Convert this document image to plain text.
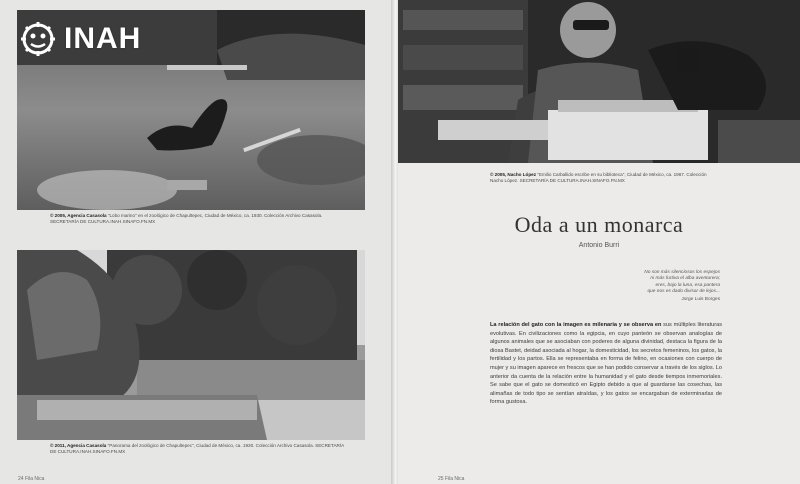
© 2005, Agencia Casasola "Lobo marino" en el zoológico de Chapultepec, Ciudad de México, ca. 1930. Colección Archivo Casasola. SECRETARÍA DE CULTURA.INAH.SINAFO.FN.MX
© 2011, Agencia Casasola "Panorama del zoológico de Chapultepec", Ciudad de México, ca. 1930. Colección Archivo Casasola. SECRETARÍA DE CULTURA.INAH.SINAFO.FN.MX
24 Fila Nica
© 2005, Nacho López "Emilio Carballido escribe en su biblioteca", Ciudad de México, ca. 1967. Colección Nacho López. SECRETARÍA DE CULTURA.INAH.SINAFO.FN.MX
25 Fila Nica
Oda a un monarca
Antonio Burri
No son más silenciosos los espejos
ni más furtiva el alba aventurera;
eres, bajo la luna, esa pantera
que nos es dado divisar de lejos...
Jorge Luis Borges
La relación del gato con la imagen es milenaria y se observa en sus múltiples literaturas evolutivas. En civilizaciones como la egipcia, en cuyo panteón se observan analogías de algunos animales que se asociaban con poderes de alguna divinidad, destaca la figura de la diosa Bastet, deidad asociada al hogar, la domesticidad, los secretos femeninos, los gatos, la fertilidad y los partos. Ella se representaba en forma de felino, en ocasiones con cuerpo de mujer y su imagen aparece en frescos que se han podido conservar a través de los siglos. Lo anterior da cuenta de la relación entre la humanidad y el gato desde tiempos inmemoriales. Se sabe que el gato se domesticó en Egipto debido a que al guardarse las cosechas, las alimañas de todo tipo se sentían atraídas, y los gatos se encargaban de exterminarlas de forma gustosa.
INAH
